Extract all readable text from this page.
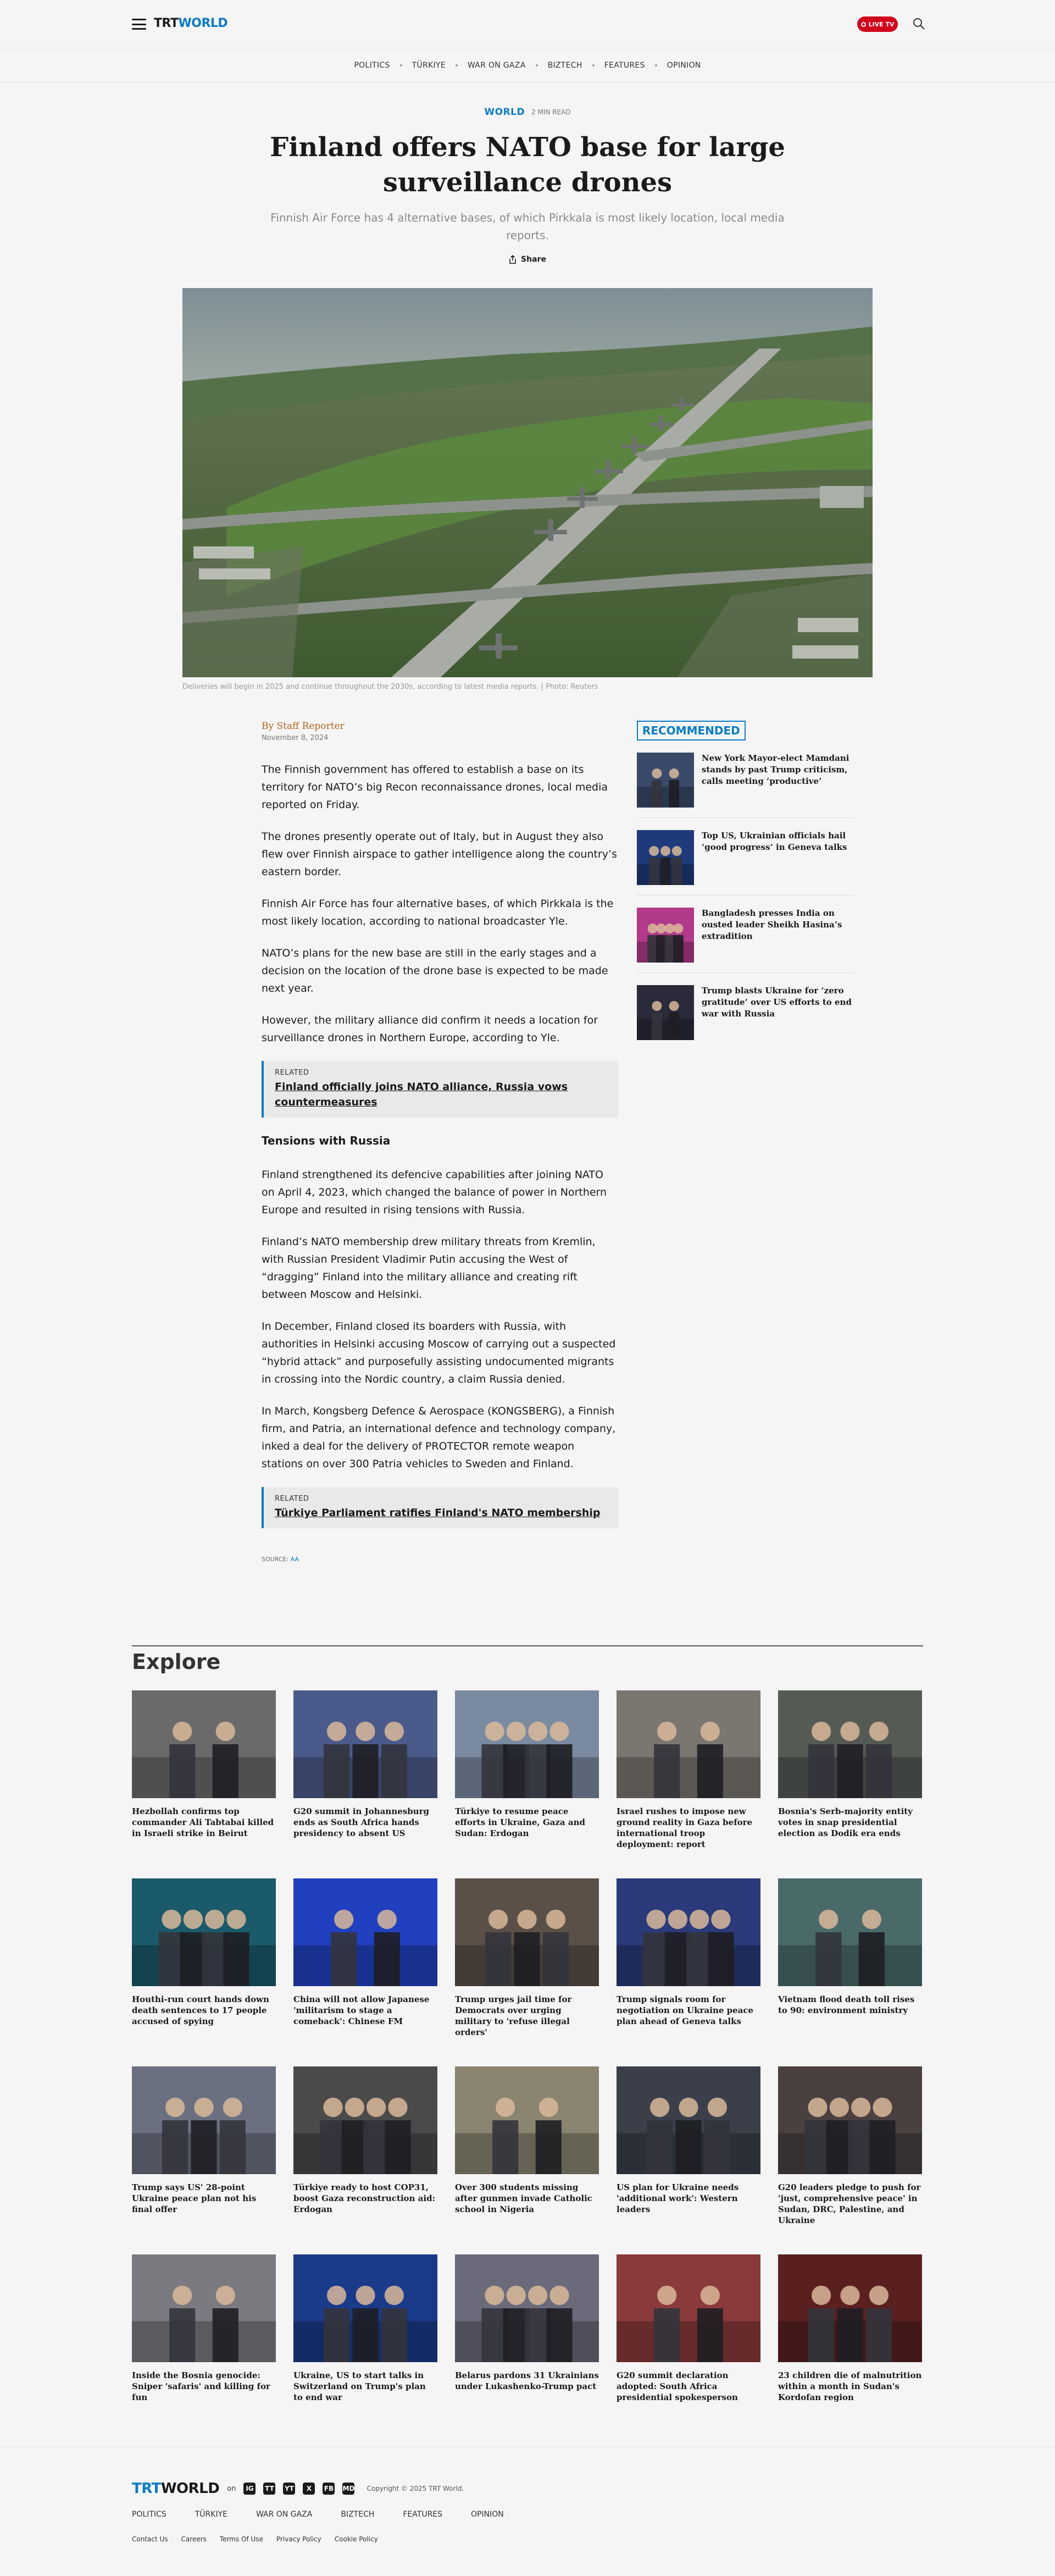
TRTWORLD	LIVE TV
POLITICS	TÜRKIYE	WAR ON GAZA	BIZTECH	FEATURES	OPINION
WORLD 2 MIN READ
Finland offers NATO base for large surveillance drones

Finnish Air Force has 4 alternative bases, of which Pirkkala is most likely location, local media reports.

Share

Deliveries will begin in 2025 and continue throughout the 2030s, according to latest media reports. | Photo: Reuters

By Staff Reporter
November 8, 2024

The Finnish government has offered to establish a base on its territory for NATO’s big Recon reconnaissance drones, local media reported on Friday.

The drones presently operate out of Italy, but in August they also flew over Finnish airspace to gather intelligence along the country’s eastern border.

Finnish Air Force has four alternative bases, of which Pirkkala is the most likely location, according to national broadcaster Yle.

NATO’s plans for the new base are still in the early stages and a decision on the location of the drone base is expected to be made next year.

However, the military alliance did confirm it needs a location for surveillance drones in Northern Europe, according to Yle.

RELATED
Finland officially joins NATO alliance, Russia vows countermeasures
Tensions with Russia

Finland strengthened its defencive capabilities after joining NATO on April 4, 2023, which changed the balance of power in Northern Europe and resulted in rising tensions with Russia.

Finland’s NATO membership drew military threats from Kremlin, with Russian President Vladimir Putin accusing the West of “dragging” Finland into the military alliance and creating rift between Moscow and Helsinki.

In December, Finland closed its boarders with Russia, with authorities in Helsinki accusing Moscow of carrying out a suspected “hybrid attack” and purposefully assisting undocumented migrants in crossing into the Nordic country, a claim Russia denied.

In March, Kongsberg Defence & Aerospace (KONGSBERG), a Finnish firm, and Patria, an international defence and technology company, inked a deal for the delivery of PROTECTOR remote weapon stations on over 300 Patria vehicles to Sweden and Finland.

RELATED
Türkiye Parliament ratifies Finland's NATO membership
SOURCE: AA
RECOMMENDED
New York Mayor-elect Mamdani stands by past Trump criticism, calls meeting ‘productive’
Top US, Ukrainian officials hail ‘good progress’ in Geneva talks
Bangladesh presses India on ousted leader Sheikh Hasina’s extradition
Trump blasts Ukraine for ‘zero gratitude’ over US efforts to end war with Russia
Explore
Hezbollah confirms top commander Ali Tabtabai killed in Israeli strike in Beirut
G20 summit in Johannesburg ends as South Africa hands presidency to absent US
Türkiye to resume peace efforts in Ukraine, Gaza and Sudan: Erdogan
Israel rushes to impose new ground reality in Gaza before international troop deployment: report
Bosnia's Serb-majority entity votes in snap presidential election as Dodik era ends
Houthi-run court hands down death sentences to 17 people accused of spying
China will not allow Japanese 'militarism to stage a comeback': Chinese FM
Trump urges jail time for Democrats over urging military to 'refuse illegal orders'
Trump signals room for negotiation on Ukraine peace plan ahead of Geneva talks
Vietnam flood death toll rises to 90: environment ministry
Trump says US' 28-point Ukraine peace plan not his final offer
Türkiye ready to host COP31, boost Gaza reconstruction aid: Erdogan
Over 300 students missing after gunmen invade Catholic school in Nigeria
US plan for Ukraine needs 'additional work': Western leaders
G20 leaders pledge to push for 'just, comprehensive peace' in Sudan, DRC, Palestine, and Ukraine
Inside the Bosnia genocide: Sniper 'safaris' and killing for fun
Ukraine, US to start talks in Switzerland on Trump's plan to end war
Belarus pardons 31 Ukrainians under Lukashenko-Trump pact
G20 summit declaration adopted: South Africa presidential spokesperson
23 children die of malnutrition within a month in Sudan's Kordofan region
TRTWORLD on	IG	TT YT	X	FB MD Copyright © 2025 TRT World.
POLITICS	TÜRKIYE	WAR ON GAZA	BIZTECH	FEATURES	OPINION
Contact Us Careers Terms Of Use Privacy Policy Cookie Policy
